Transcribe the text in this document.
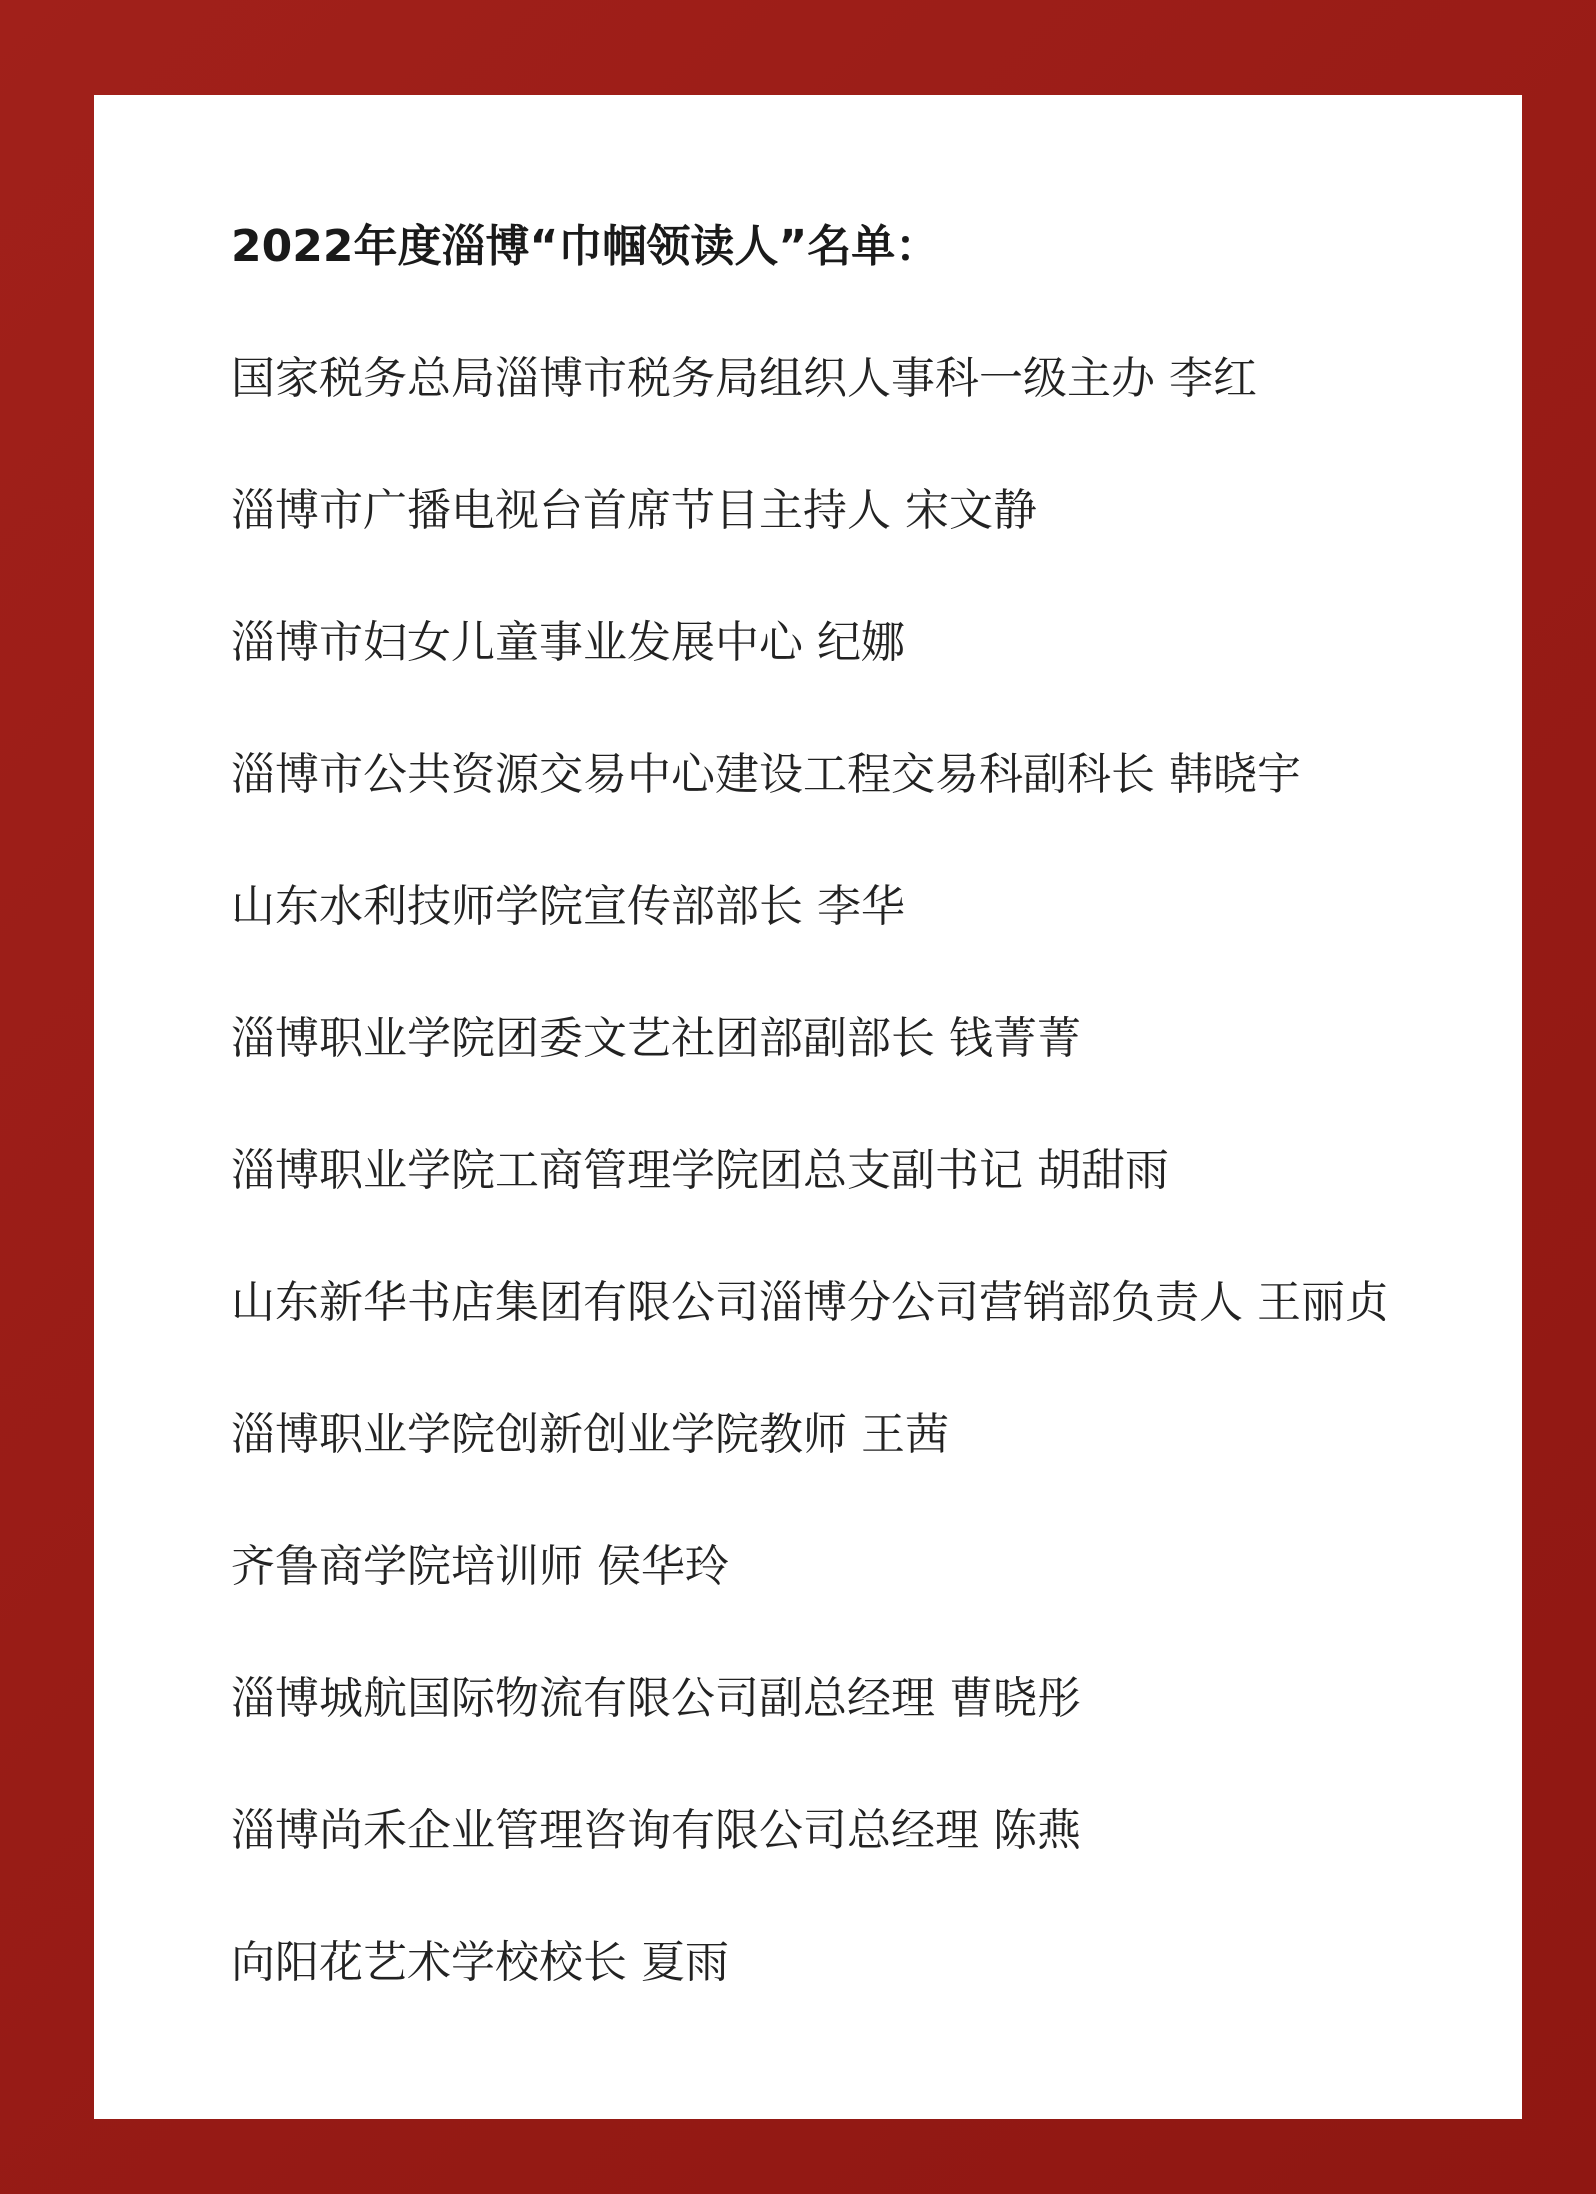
2022年度淄博“巾帼领读人”名单：
国家税务总局淄博市税务局组织人事科一级主办 李红
淄博市广播电视台首席节目主持人 宋文静
淄博市妇女儿童事业发展中心 纪娜
淄博市公共资源交易中心建设工程交易科副科长 韩晓宇
山东水利技师学院宣传部部长 李华
淄博职业学院团委文艺社团部副部长 钱菁菁
淄博职业学院工商管理学院团总支副书记 胡甜雨
山东新华书店集团有限公司淄博分公司营销部负责人 王丽贞
淄博职业学院创新创业学院教师 王茜
齐鲁商学院培训师 侯华玲
淄博城航国际物流有限公司副总经理 曹晓彤
淄博尚禾企业管理咨询有限公司总经理 陈燕
向阳花艺术学校校长 夏雨
